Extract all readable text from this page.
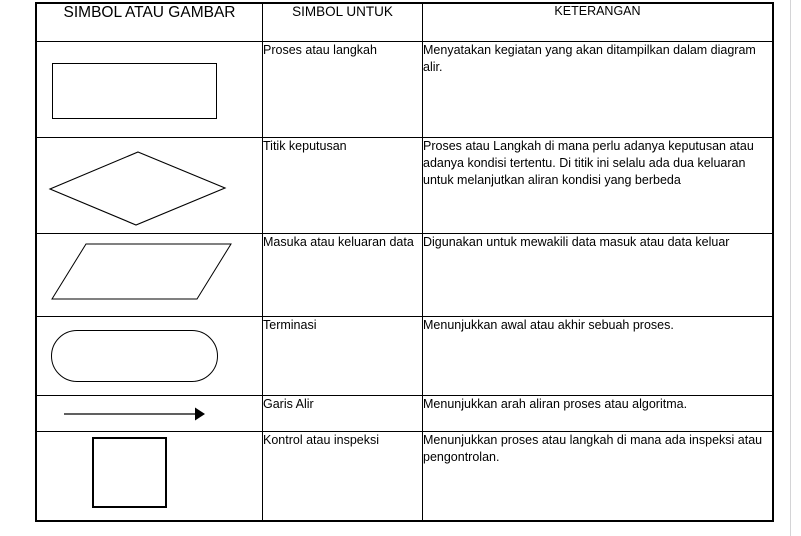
SIMBOL ATAU GAMBAR	SIMBOL UNTUK	KETERANGAN

	Proses atau langkah	Menyatakan kegiatan yang akan ditampilkan dalam diagram alir.

	Titik keputusan	Proses atau Langkah di mana perlu adanya keputusan atau adanya kondisi tertentu. Di titik ini selalu ada dua keluaran untuk melanjutkan aliran kondisi yang berbeda

	Masuka atau keluaran data	Digunakan untuk mewakili data masuk atau data keluar

	Terminasi	Menunjukkan awal atau akhir sebuah proses.

	Garis Alir	Menunjukkan arah aliran proses atau algoritma.

	Kontrol atau inspeksi	Menunjukkan proses atau langkah di mana ada inspeksi atau pengontrolan.
